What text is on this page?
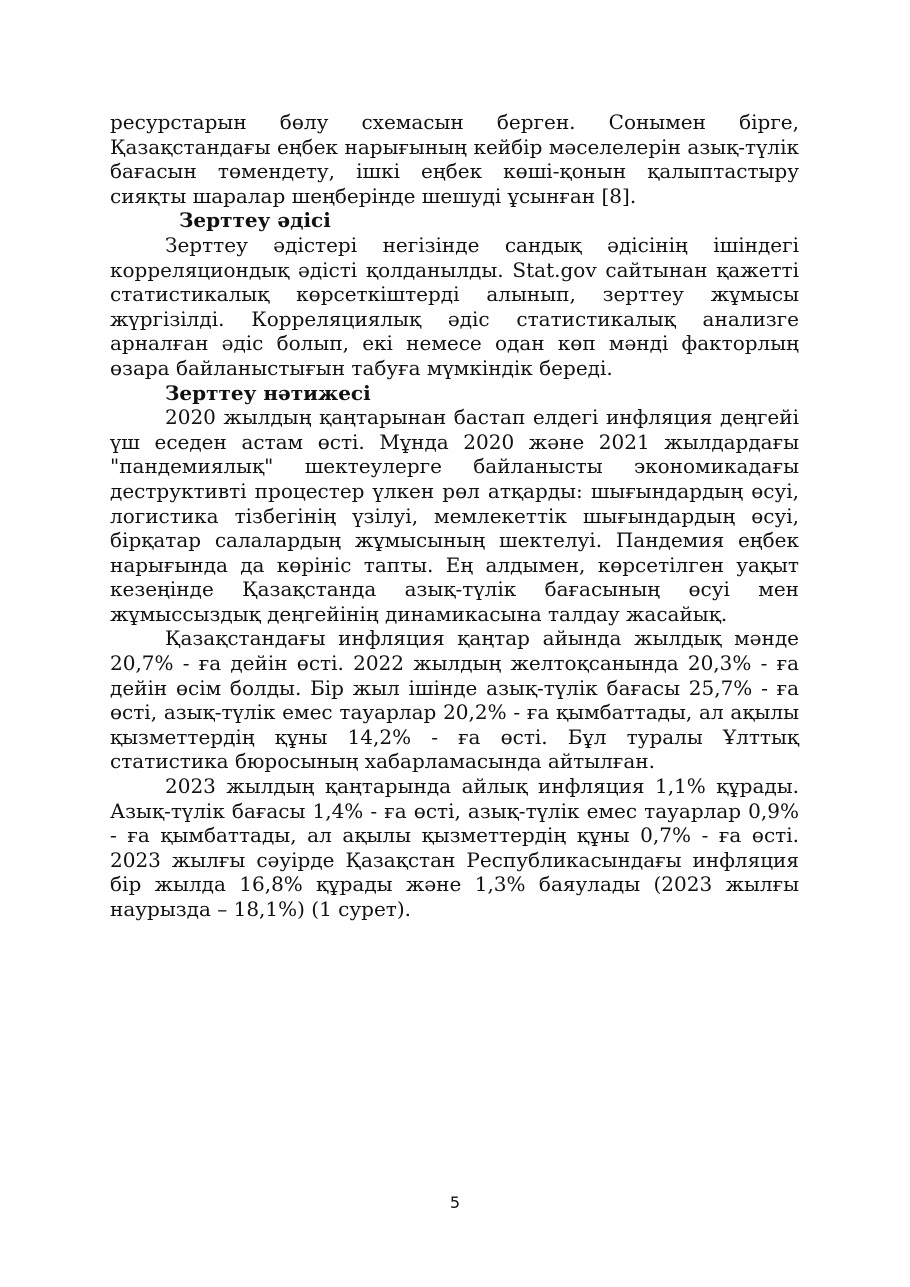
ресурстарын бөлу схемасын берген. Сонымен бірге, Қазақстандағы еңбек нарығының кейбір мәселелерін азық-түлік бағасын төмендету, ішкі еңбек көші-қонын қалыптастыру сияқты шаралар шеңберінде шешуді ұсынған [8].

Зерттеу әдісі

Зерттеу әдістері негізінде сандық әдісінің ішіндегі корреляциондық әдісті қолданылды. Stat.gov сайтынан қажетті статистикалық көрсеткіштерді алынып, зерттеу жұмысы жүргізілді. Корреляциялық әдіс статистикалық анализге арналған әдіс болып, екі немесе одан көп мәнді факторлың өзара байланыстығын табуға мүмкіндік береді.

Зерттеу нәтижесі

2020 жылдың қаңтарынан бастап елдегі инфляция деңгейі үш еседен астам өсті. Мұнда 2020 және 2021 жылдардағы "пандемиялық" шектеулерге байланысты экономикадағы деструктивті процестер үлкен рөл атқарды: шығындардың өсуі, логистика тізбегінің үзілуі, мемлекеттік шығындардың өсуі, бірқатар салалардың жұмысының шектелуі. Пандемия еңбек нарығында да көрініс тапты. Ең алдымен, көрсетілген уақыт кезеңінде Қазақстанда азық-түлік бағасының өсуі мен жұмыссыздық деңгейінің динамикасына талдау жасайық.

Қазақстандағы инфляция қаңтар айында жылдық мәнде 20,7% - ға дейін өсті. 2022 жылдың желтоқсанында 20,3% - ға дейін өсім болды. Бір жыл ішінде азық-түлік бағасы 25,7% - ға өсті, азық-түлік емес тауарлар 20,2% - ға қымбаттады, ал ақылы қызметтердің құны 14,2% - ға өсті. Бұл туралы Ұлттық статистика бюросының хабарламасында айтылған.

2023 жылдың қаңтарында айлық инфляция 1,1% құрады. Азық-түлік бағасы 1,4% - ға өсті, азық-түлік емес тауарлар 0,9% - ға қымбаттады, ал ақылы қызметтердің құны 0,7% - ға өсті. 2023 жылғы сәуірде Қазақстан Республикасындағы инфляция бір жылда 16,8% құрады және 1,3% баяулады (2023 жылғы наурызда – 18,1%) (1 сурет).

5
